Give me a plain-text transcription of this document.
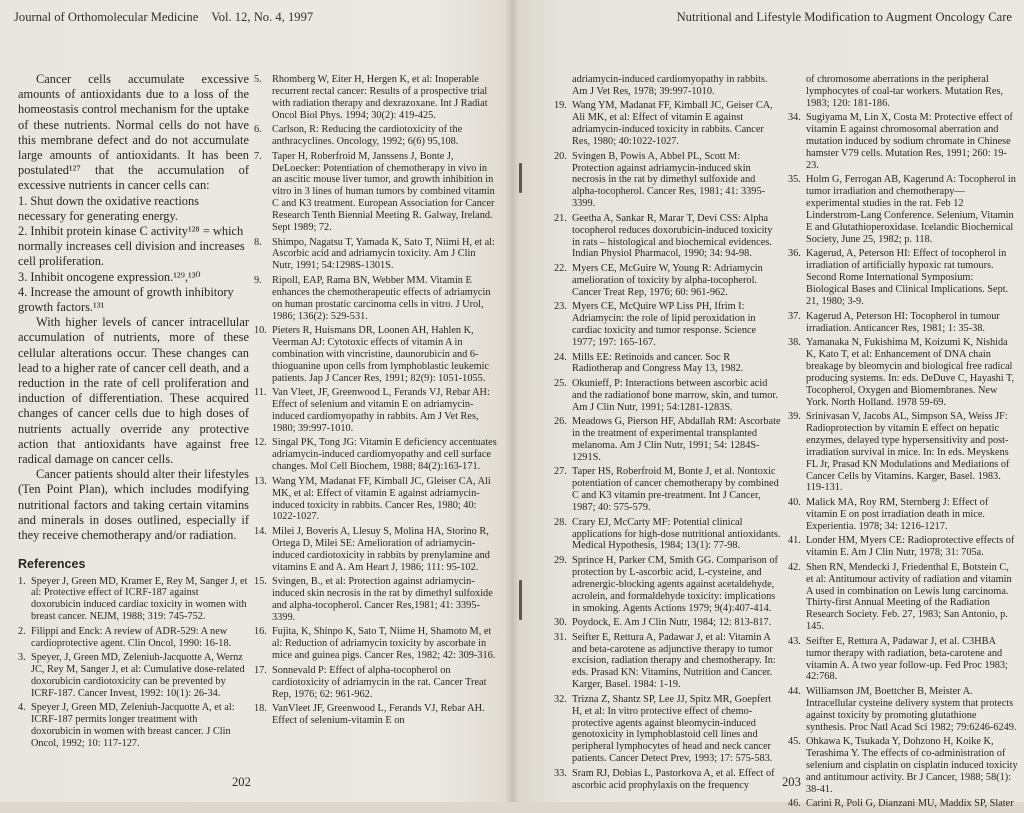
Journal of Orthomolecular Medicine Vol. 12, No. 4, 1997

Cancer cells accumulate excessive amounts of antioxidants due to a loss of the homeostasis control mechanism for the uptake of these nutrients. Normal cells do not have this membrane defect and do not accumulate large amounts of antioxidants. It has been postulated¹²⁷ that the accumulation of excessive nutrients in cancer cells can:

1. Shut down the oxidative reactions necessary for generating energy.

2. Inhibit protein kinase C activity¹²⁸ = which normally increases cell division and increases cell proliferation.

3. Inhibit oncogene expression.¹²⁹,¹³⁰

4. Increase the amount of growth inhibitory growth factors.¹³¹

With higher levels of cancer intracellular accumulation of nutrients, more of these cellular alterations occur. These changes can lead to a higher rate of cancer cell death, and a reduction in the rate of cell proliferation and induction of differentiation. These acquired changes of cancer cells due to high doses of nutrients actually override any protective action that antioxidants have against free radical damage on cancer cells.

Cancer patients should alter their lifestyles (Ten Point Plan), which includes modifying nutritional factors and taking certain vitamins and minerals in doses outlined, especially if they receive chemotherapy and/or radiation.

References
1. Speyer J, Green MD, Kramer E, Rey M, Sanger J, et al: Protective effect of ICRF-187 against doxorubicin induced cardiac toxicity in women with breast cancer. NEJM, 1988; 319: 745-752.
2. Filippi and Enck: A review of ADR-529: A new cardioprotective agent. Clin Oncol, 1990: 16-18.
3. Speyer, J, Green MD, Zeleniuh-Jacquotte A, Wernz JC, Rey M, Sanger J, et al: Cumulative dose-related doxorubicin cardiotoxicity can be prevented by ICRF-187. Cancer Invest, 1992: 10(1): 26-34.
4. Speyer J, Green MD, Zeleniuh-Jacquotte A, et al: ICRF-187 permits longer treatment with doxorubicin in women with breast cancer. J Clin Oncol, 1992; 10: 117-127.
5. Rhomberg W, Eiter H, Hergen K, et al: Inoperable recurrent rectal cancer: Results of a prospective trial with radiation therapy and dexrazoxane. Int J Radiat Oncol Biol Phys. 1994; 30(2): 419-425.
6. Carlson, R: Reducing the cardiotoxicity of the anthracyclines. Oncology, 1992; 6(6) 95,108.
7. Taper H, Roberfroid M, Janssens J, Bonte J, DeLoecker: Potentiation of chemotherapy in vivo in an ascitic mouse liver tumor, and growth inhibition in vitro in 3 lines of human tumors by combined vitamin C and K3 treatment. European Association for Cancer Research Tenth Biennial Meeting R. Galway, Ireland. Sept 1989; 72.
8. Shimpo, Nagatsu T, Yamada K, Sato T, Niimi H, et al: Ascorbic acid and adriamycin toxicity. Am J Clin Nutr, 1991; 54:1298S-1301S.
9. Ripoll, EAP, Rama BN, Webber MM. Vitamin E enhances the chemotherapeutic effects of adriamycin on human prostatic carcinoma cells in vitro. J Urol, 1986; 136(2): 529-531.
10. Pieters R, Huismans DR, Loonen AH, Hahlen K, Veerman AJ: Cytotoxic effects of vitamin A in combination with vincristine, daunorubicin and 6-thioguanine upon cells from lymphoblastic leukemic patients. Jap J Cancer Res, 1991; 82(9): 1051-1055.
11. Van Vleet, JF, Greenwood L, Ferands VJ, Rebar AH: Effect of selenium and vitamin E on adriamycin-induced cardiomyopathy in rabbits. Am J Vet Res, 1980; 39:997-1010.
12. Singal PK, Tong JG: Vitamin E deficiency accentuates adriamycin-induced cardiomyopathy and cell surface changes. Mol Cell Biochem, 1988; 84(2):163-171.
13. Wang YM, Madanat FF, Kimball JC, Gleiser CA, Ali MK, et al: Effect of vitamin E against adriamycin-induced toxicity in rabbits. Cancer Res, 1980; 40: 1022-1027.
14. Milei J, Boveris A, Llesuy S, Molina HA, Storino R, Ortega D, Milei SE: Amelioration of adriamycin-induced cardiotoxicity in rabbits by prenylamine and vitamins E and A. Am Heart J, 1986; 111: 95-102.
15. Svingen, B., et al: Protection against adriamycin-induced skin necrosis in the rat by dimethyl sulfoxide and alpha-tocopherol. Cancer Res,1981; 41: 3395-3399.
16. Fujita, K, Shinpo K, Sato T, Niime H, Shamoto M, et al: Reduction of adriamycin toxicity by ascorbate in mice and guinea pigs. Cancer Res, 1982; 42: 309-316.
17. Sonnevald P: Effect of alpha-tocopherol on cardiotoxicity of adriamycin in the rat. Cancer Treat Rep, 1976; 62: 961-962.
18. VanVleet JF, Greenwood L, Ferands VJ, Rebar AH. Effect of selenium-vitamin E on
202
Nutritional and Lifestyle Modification to Augment Oncology Care
adriamycin-induced cardiomyopathy in rabbits. Am J Vet Res, 1978; 39:997-1010.
19. Wang YM, Madanat FF, Kimball JC, Geiser CA, Ali MK, et al: Effect of vitamin E against adriamycin-induced toxicity in rabbits. Cancer Res, 1980; 40:1022-1027.
20. Svingen B, Powis A, Abbel PL, Scott M: Protection against adriamycin-induced skin necrosis in the rat by dimethyl sulfoxide and alpha-tocopherol. Cancer Res, 1981; 41: 3395-3399.
21. Geetha A, Sankar R, Marar T, Devi CSS: Alpha tocopherol reduces doxorubicin-induced toxicity in rats – histological and biochemical evidences. Indian Physiol Pharmacol, 1990; 34: 94-98.
22. Myers CE, McGuire W, Young R: Adriamycin amelioration of toxicity by alpha-tocopherol. Cancer Treat Rep, 1976; 60: 961-962.
23. Myers CE, McQuire WP Liss PH, Ifrim I: Adriamycin: the role of lipid peroxidation in cardiac toxicity and tumor response. Science 1977; 197: 165-167.
24. Mills EE: Retinoids and cancer. Soc R Radiotherap and Congress May 13, 1982.
25. Okunieff, P: Interactions between ascorbic acid and the radiationof bone marrow, skin, and tumor. Am J Clin Nutr, 1991; 54:1281-1283S.
26. Meadows G, Pierson HF, Abdallah RM: Ascorbate in the treatment of experimental transplanted melanoma. Am J Clin Nutr, 1991; 54: 1284S-1291S.
27. Taper HS, Roberfroid M, Bonte J, et al. Nontoxic potentiation of cancer chemotherapy by combined C and K3 vitamin pre-treatment. Int J Cancer, 1987; 40: 575-579.
28. Crary EJ, McCarty MF: Potential clinical applications for high-dose nutritional antioxidants. Medical Hypothesis, 1984; 13(1): 77-98.
29. Sprince H, Parker CM, Smith GG. Comparison of protection by L-ascorbic acid, L-cysteine, and adrenergic-blocking agents against acetaldehyde, acrolein, and formaldehyde toxicity: implications in smoking. Agents Actions 1979; 9(4):407-414.
30. Poydock, E. Am J Clin Nutr, 1984; 12: 813-817.
31. Seifter E, Rettura A, Padawar J, et al: Vitamin A and beta-carotene as adjunctive therapy to tumor excision, radiation therapy and chemotherapy. In: eds. Prasad KN: Vitamins, Nutrition and Cancer. Karger, Basel. 1984: 1-19.
32. Trizna Z, Shantz SP, Lee JJ, Spitz MR, Goepfert H, et al: In vitro protective effect of chemo-protective agents against bleomycin-induced genotoxicity in lymphoblastoid cell lines and peripheral lymphocytes of head and neck cancer patients. Cancer Detect Prev, 1993; 17: 575-583.
33. Sram RJ, Dobias L, Pastorkova A, et al. Effect of ascorbic acid prophylaxis on the frequency
of chromosome aberrations in the peripheral lymphocytes of coal-tar workers. Mutation Res, 1983; 120: 181-186.
34. Sugiyama M, Lin X, Costa M: Protective effect of vitamin E against chromosomal aberration and mutation induced by sodium chromate in Chinese hamster V79 cells. Mutation Res, 1991; 260: 19-23.
35. Holm G, Ferrogan AB, Kagerund A: Tocopherol in tumor irradiation and chemotherapy—experimental studies in the rat. Feb 12 Linderstrom-Lang Conference. Selenium, Vitamin E and Glutathioperoxidase. Icelandic Biochemical Society, June 25, 1982; p. 118.
36. Kagerud, A, Peterson HI: Effect of tocopherol in irradiation of artificially hypoxic rat tumours. Second Rome International Symposium: Biological Bases and Clinical Implications. Sept. 21, 1980; 3-9.
37. Kagerud A, Peterson HI: Tocopherol in tumour irradiation. Anticancer Res, 1981; 1: 35-38.
38. Yamanaka N, Fukishima M, Koizumi K, Nishida K, Kato T, et al: Enhancement of DNA chain breakage by bleomycin and biological free radical producing systems. In: eds. DeDuve C, Hayashi T, Tocopherol, Oxygen and Biomembranes. New York. North Holland. 1978 59-69.
39. Srinivasan V, Jacobs AL, Simpson SA, Weiss JF: Radioprotection by vitamin E effect on hepatic enzymes, delayed type hypersensitivity and post-irradiation survival in mice. In: In eds. Meyskens FL Jr, Prasad KN Modulations and Mediations of Cancer Cells by Vitamins. Karger, Basel. 1983. 119-131.
40. Malick MA, Roy RM, Sternberg J: Effect of vitamin E on post irradiation death in mice. Experientia. 1978; 34: 1216-1217.
41. Londer HM, Myers CE: Radioprotective effects of vitamin E. Am J Clin Nutr, 1978; 31: 705a.
42. Shen RN, Mendecki J, Friedenthal E, Botstein C, et al: Antitumour activity of radiation and vitamin A used in combination on Lewis lung carcinoma. Thirty-first Annual Meeting of the Radiation Research Society. Feb. 27, 1983; San Antonio, p. 145.
43. Seifter E, Rettura A, Padawar J, et al. C3HBA tumor therapy with radiation, beta-carotene and vitamin A. A two year follow-up. Fed Proc 1983; 42:768.
44. Williamson JM, Boettcher B, Meister A. Intracellular cysteine delivery system that protects against toxicity by promoting glutathione synthesis. Proc Natl Acad Sci 1982; 79:6246-6249.
45. Ohkawa K, Tsukada Y, Dohzono H, Koike K, Terashima Y. The effects of co-administration of selenium and cisplatin on cisplatin induced toxicity and antitumour activity. Br J Cancer, 1988; 58(1): 38-41.
46. Carini R, Poli G, Dianzani MU, Maddix SP, Slater
203
